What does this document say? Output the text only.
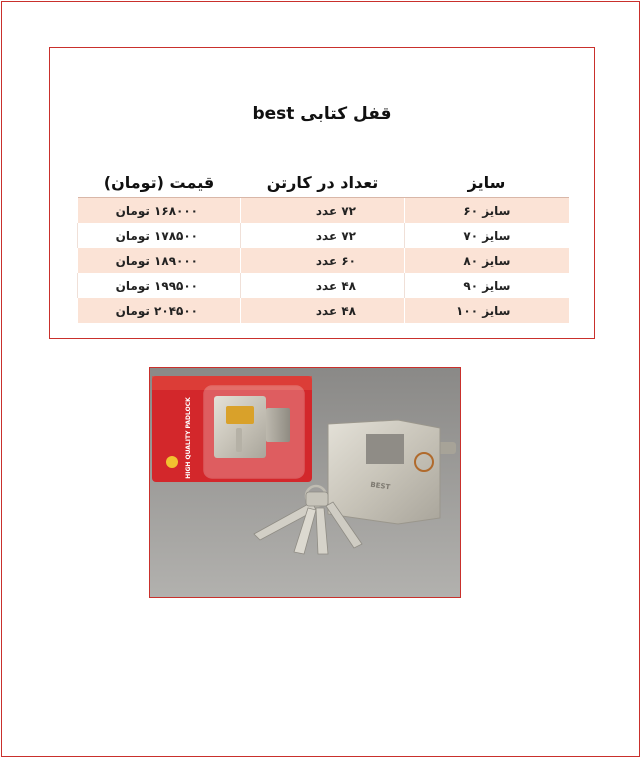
قفل کتابی best
سایز	تعداد در کارتن	قیمت (تومان)
سایز ۶۰	۷۲ عدد	۱۶۸۰۰۰ تومان
سایز ۷۰	۷۲ عدد	۱۷۸۵۰۰ تومان
سایز ۸۰	۶۰ عدد	۱۸۹۰۰۰ تومان
سایز ۹۰	۴۸ عدد	۱۹۹۵۰۰ تومان
سایز ۱۰۰	۴۸ عدد	۲۰۴۵۰۰ تومان
HIGH QUALITY PADLOCK
BEST
